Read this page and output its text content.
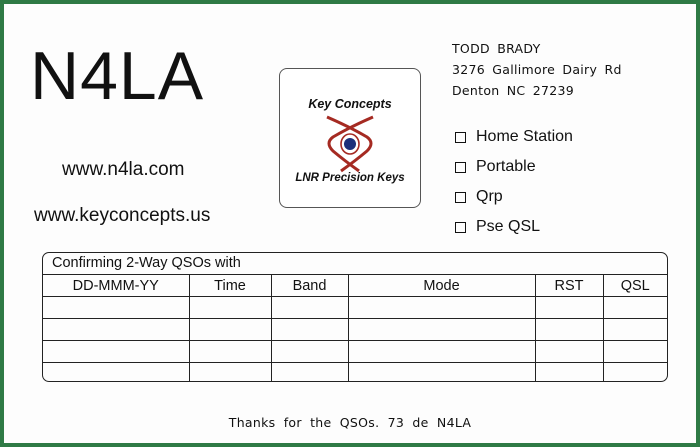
N4LA
www.n4la.com
www.keyconcepts.us
Key Concepts
LNR Precision Keys
TODD BRADY
3276 Gallimore Dairy Rd
Denton NC 27239
Home Station
Portable
Qrp
Pse QSL
Confirming 2-Way QSOs with
DD-MMM-YY	Time	Band	Mode	RST	QSL

Thanks for the QSOs. 73 de N4LA
